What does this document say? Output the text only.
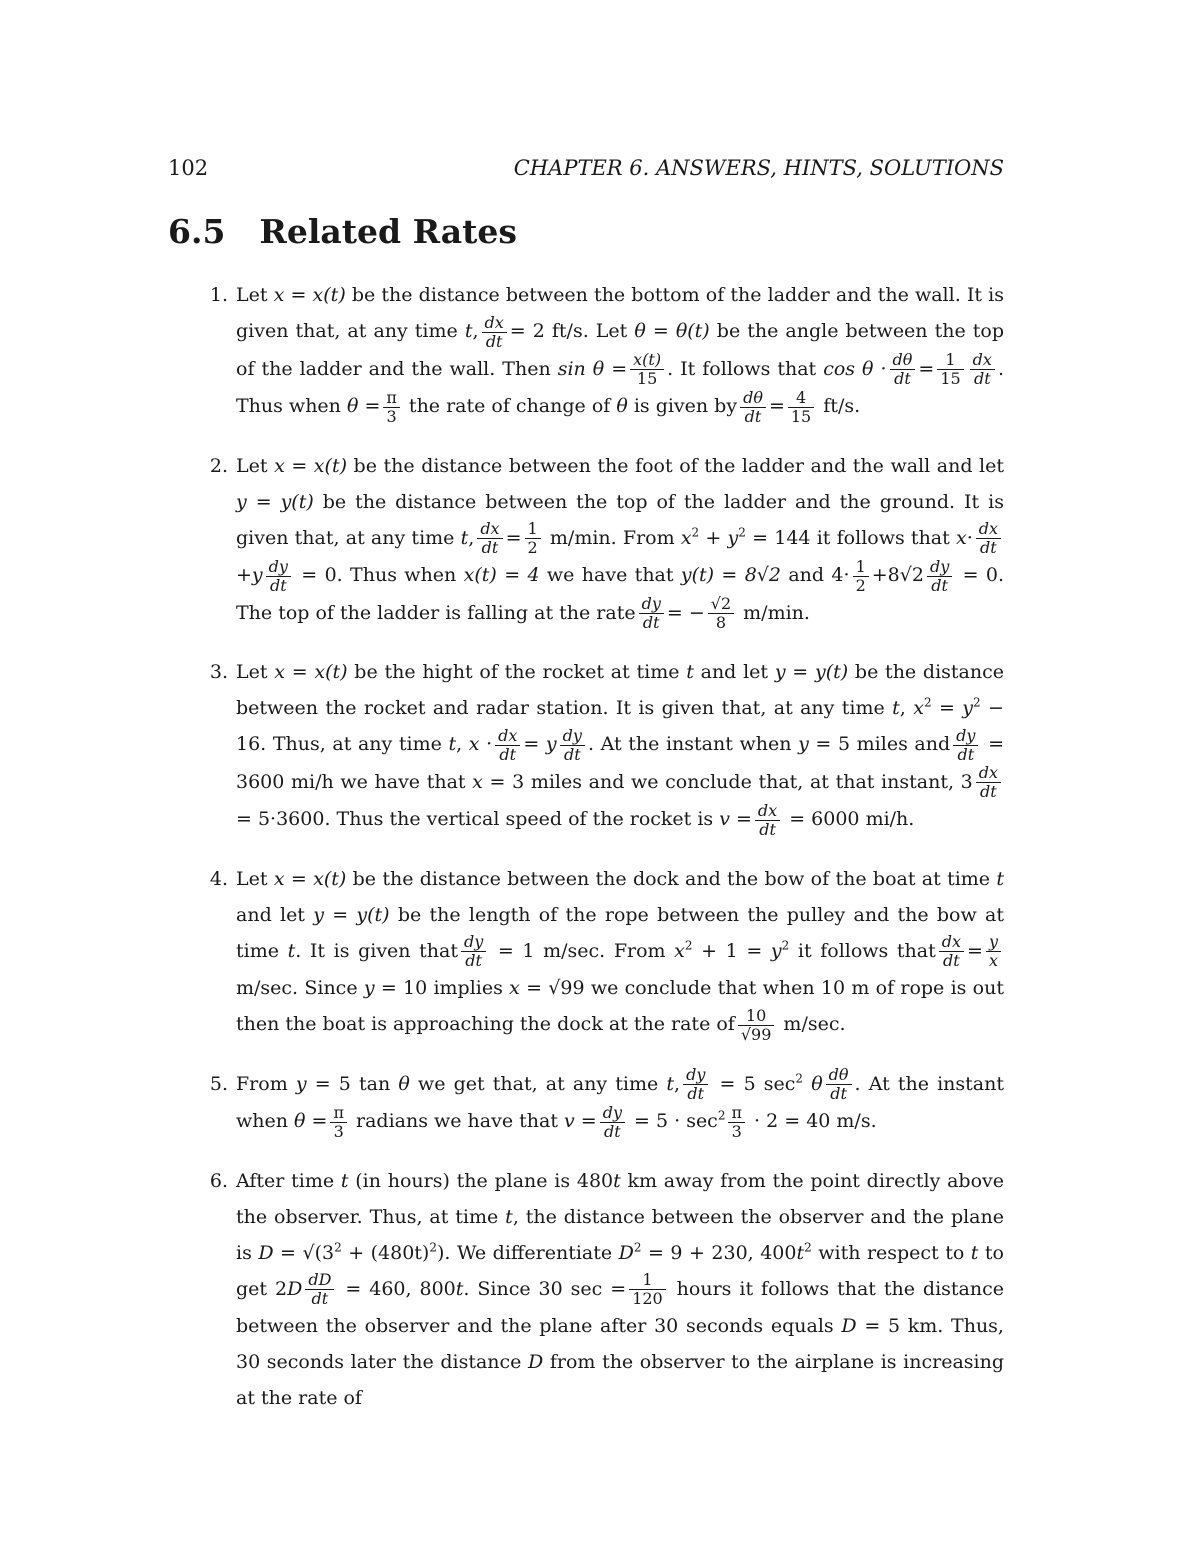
102	CHAPTER 6. ANSWERS, HINTS, SOLUTIONS
6.5 Related Rates
1. Let x = x(t) be the distance between the bottom of the ladder and the wall. It is given that, at any time t, $\frac{dx}{dt} = 2$ ft/s. Let θ = θ(t) be the angle between the top of the ladder and the wall. Then $\sin \theta = \frac{x(t)}{15}$ . It follows that $\cos \theta \cdot \frac{d\theta}{dt} = \frac{1}{15} \frac{dx}{dt}$ . Thus when $\theta = \frac{\pi}{3}$ the rate of change of θ is given by $\frac{d\theta}{dt} = \frac{4}{15} ft/s$.
2. Let x = x(t) be the distance between the foot of the ladder and the wall and let y = y(t) be the distance between the top of the ladder and the ground. It is given that, at any time t, $\frac{dx}{dt} = \frac{1}{2} m/\min$. From $x^2 + y^2 = 144$ it follows that $x\cdot \frac{dx}{dt}$
$+y \frac{dy}{dt} = 0$. Thus when x(t) = 4 we have that y(t) = 8√2 and $4\cdot \frac{1}{2} +8√2 \frac{dy}{dt} = 0$. The top of the ladder is falling at the rate $\frac{dy}{dt}$ = − $\frac{√2}{8} m/\min$.
3. Let x = x(t) be the hight of the rocket at time t and let y = y(t) be the distance between the rocket and radar station. It is given that, at any time t, $x^2 = y^2 - 16$. Thus, at any time t, $x \cdot \frac{dx}{dt} = y \frac{dy}{dt}$ . At the instant when y = 5 miles and $\frac{dy}{dt} = 3600$ mi/h we have that x = 3 miles and we conclude that, at that instant, $3 \frac{dx}{dt}$
= 5·3600. Thus the vertical speed of the rocket is $v = \frac{dx}{dt} = 6000$ mi/h.
4. Let x = x(t) be the distance between the dock and the bow of the boat at time t and let y = y(t) be the length of the rope between the pulley and the bow at time t. It is given that $\frac{dy}{dt} = 1$ m/sec. From $x^2 + 1 = y^2$ it follows that $\frac{dx}{dt} = \frac{y}{x}$
m/sec. Since y = 10 implies x = √99 we conclude that when 10 m of rope is out then the boat is approaching the dock at the rate of $\frac{10}{√99} m/\sec$.
5. From y = 5 tan θ we get that, at any time t, $\frac{dy}{dt} = 5$ $\sec^2 \theta \frac{d\theta}{dt}$ . At the instant when $\theta = \frac{\pi}{3}$ radians we have that $v = \frac{dy}{dt} = 5 \cdot \sec^2 \frac{\pi}{3} \cdot 2 = 40$ m/s.
6. After time t (in hours) the plane is 480t km away from the point directly above the observer. Thus, at time t, the distance between the observer and the plane is $D = √(3^2 + (480t)^2)$. We differentiate $D^2 = 9 + 230$, $400t^2$ with respect to t to get $2D \frac{dD}{dt} = 460$, 800t. Since 30 $\sec = \frac{1}{120}$ hours it follows that the distance between the observer and the plane after 30 seconds equals D = 5 km. Thus, 30 seconds later the distance D from the observer to the airplane is increasing at the rate of
